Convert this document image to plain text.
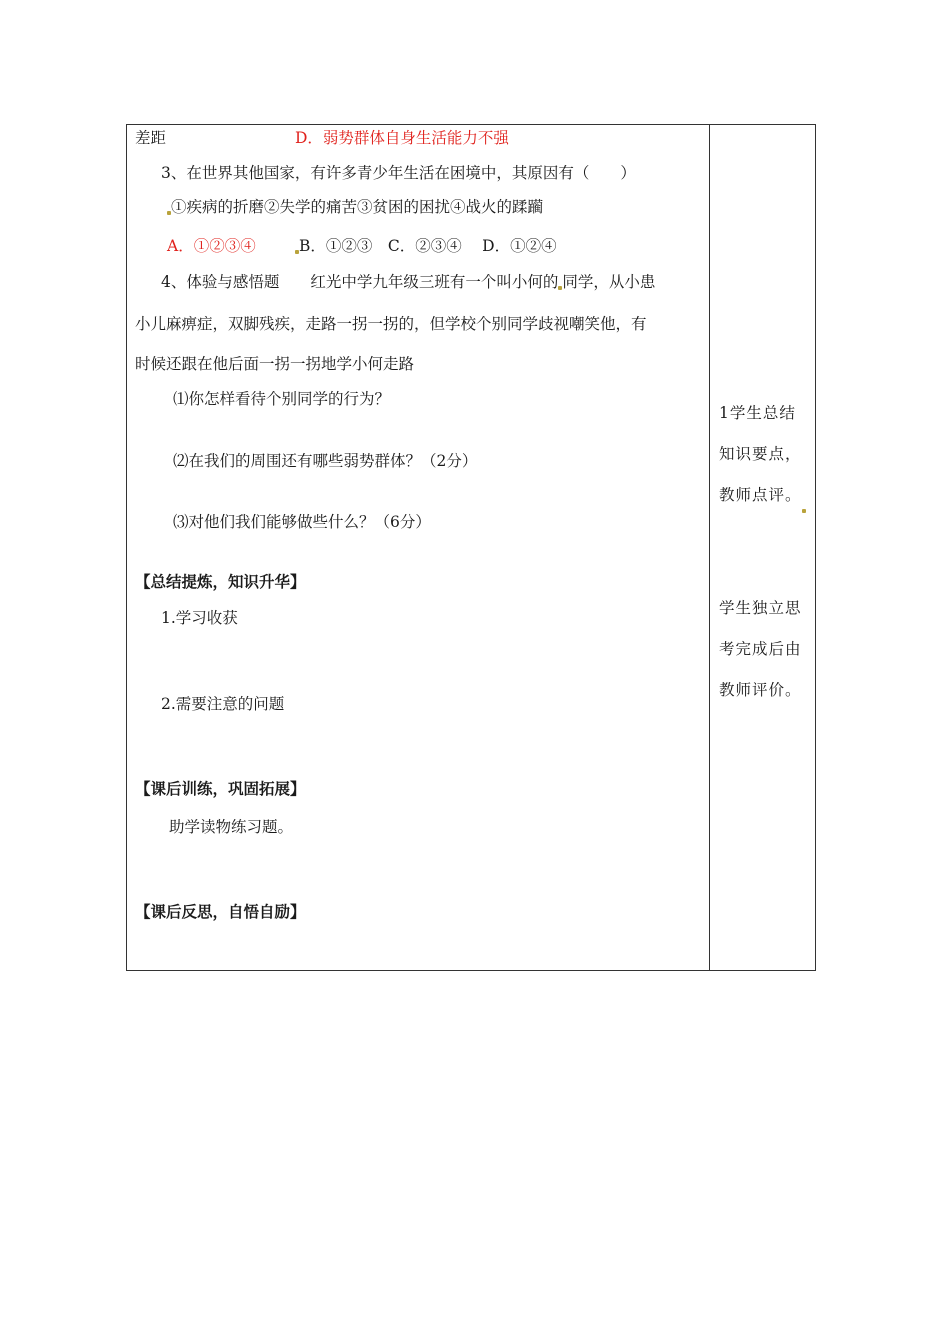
差距	D．弱势群体自身生活能力不强
3、在世界其他国家，有许多青少年生活在困境中，其原因有（　　）
①疾病的折磨②失学的痛苦③贫困的困扰④战火的蹂躏
A．①②③④	B．①②③　C．②③④　 D．①②④
4、体验与感悟题　　红光中学九年级三班有一个叫小何的 同学，从小患
小儿麻痹症，双脚残疾，走路一拐一拐的，但学校个别同学歧视嘲笑他，有
时候还跟在他后面一拐一拐地学小何走路
⑴你怎样看待个别同学的行为？
⑵在我们的周围还有哪些弱势群体？（2分）
⑶对他们我们能够做些什么？（6分）
【总结提炼，知识升华】
1.学习收获
2.需要注意的问题
【课后训练，巩固拓展】
助学读物练习题。
【课后反思，自悟自励】
1学生总结
知识要点，
教师点评。
学生独立思
考完成后由
教师评价。
